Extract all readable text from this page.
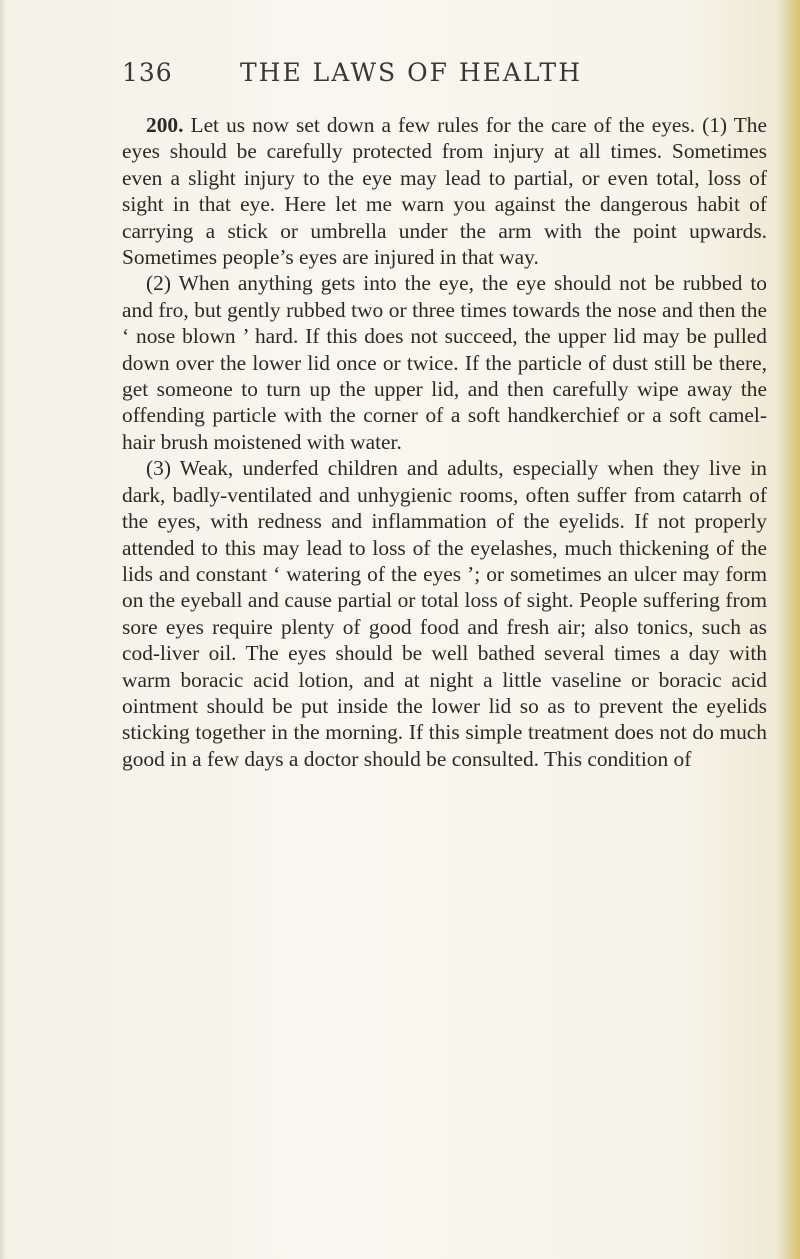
136	THE LAWS OF HEALTH

200. Let us now set down a few rules for the care of the eyes. (1) The eyes should be carefully protected from injury at all times. Sometimes even a slight injury to the eye may lead to partial, or even total, loss of sight in that eye. Here let me warn you against the dangerous habit of carrying a stick or umbrella under the arm with the point upwards. Sometimes people’s eyes are injured in that way.

(2) When anything gets into the eye, the eye should not be rubbed to and fro, but gently rubbed two or three times towards the nose and then the ‘ nose blown ’ hard. If this does not succeed, the upper lid may be pulled down over the lower lid once or twice. If the particle of dust still be there, get someone to turn up the upper lid, and then carefully wipe away the offending particle with the corner of a soft handkerchief or a soft camel-hair brush moistened with water.

(3) Weak, underfed children and adults, especially when they live in dark, badly-ventilated and unhygienic rooms, often suffer from catarrh of the eyes, with redness and inflammation of the eyelids. If not properly attended to this may lead to loss of the eyelashes, much thickening of the lids and constant ‘ watering of the eyes ’; or sometimes an ulcer may form on the eyeball and cause partial or total loss of sight. People suffering from sore eyes require plenty of good food and fresh air; also tonics, such as cod-liver oil. The eyes should be well bathed several times a day with warm boracic acid lotion, and at night a little vaseline or boracic acid ointment should be put inside the lower lid so as to prevent the eyelids sticking together in the morning. If this simple treatment does not do much good in a few days a doctor should be consulted. This condition of
